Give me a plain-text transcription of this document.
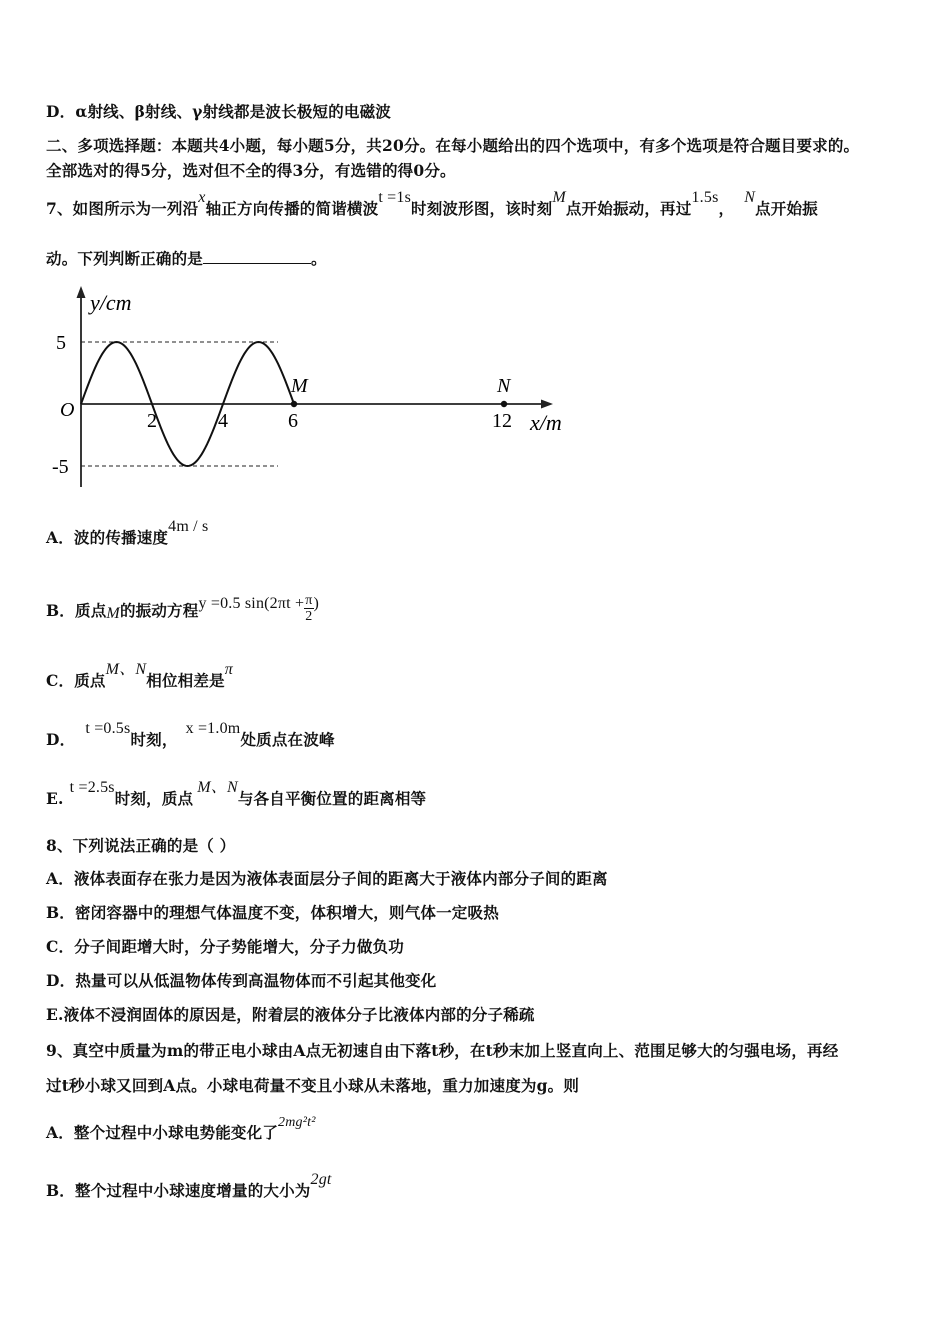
D．α射线、β射线、γ射线都是波长极短的电磁波
二、多项选择题：本题共4小题，每小题5分，共20分。在每小题给出的四个选项中，有多个选项是符合题目要求的。
全部选对的得5分，选对但不全的得3分，有选错的得0分。
7、如图所示为一列沿x轴正方向传播的简谐横波t =1s时刻波形图，该时刻M点开始振动，再过1.5s，N点开始振
动。下列判断正确的是	。
y/cm
x/m
O
5
-5
2	4	6	12
M	N
A．波的传播速度4m / s
B．质点M的振动方程y =0.5 $\sin(2\pi t + \frac{\pi}{2}$ )
C．质点M、N相位相差是π
D．t =0.5s时刻，x =1.0m处质点在波峰
E.t =2.5s时刻，质点M、N与各自平衡位置的距离相等
8、下列说法正确的是（ ）
A．液体表面存在张力是因为液体表面层分子间的距离大于液体内部分子间的距离
B．密闭容器中的理想气体温度不变，体积增大，则气体一定吸热
C．分子间距增大时，分子势能增大，分子力做负功
D．热量可以从低温物体传到高温物体而不引起其他变化
E.液体不浸润固体的原因是，附着层的液体分子比液体内部的分子稀疏
9、真空中质量为m的带正电小球由A点无初速自由下落t秒，在t秒末加上竖直向上、范围足够大的匀强电场，再经
过t秒小球又回到A点。小球电荷量不变且小球从未落地，重力加速度为g。则
A．整个过程中小球电势能变化了2mg²t²
B．整个过程中小球速度增量的大小为2gt
